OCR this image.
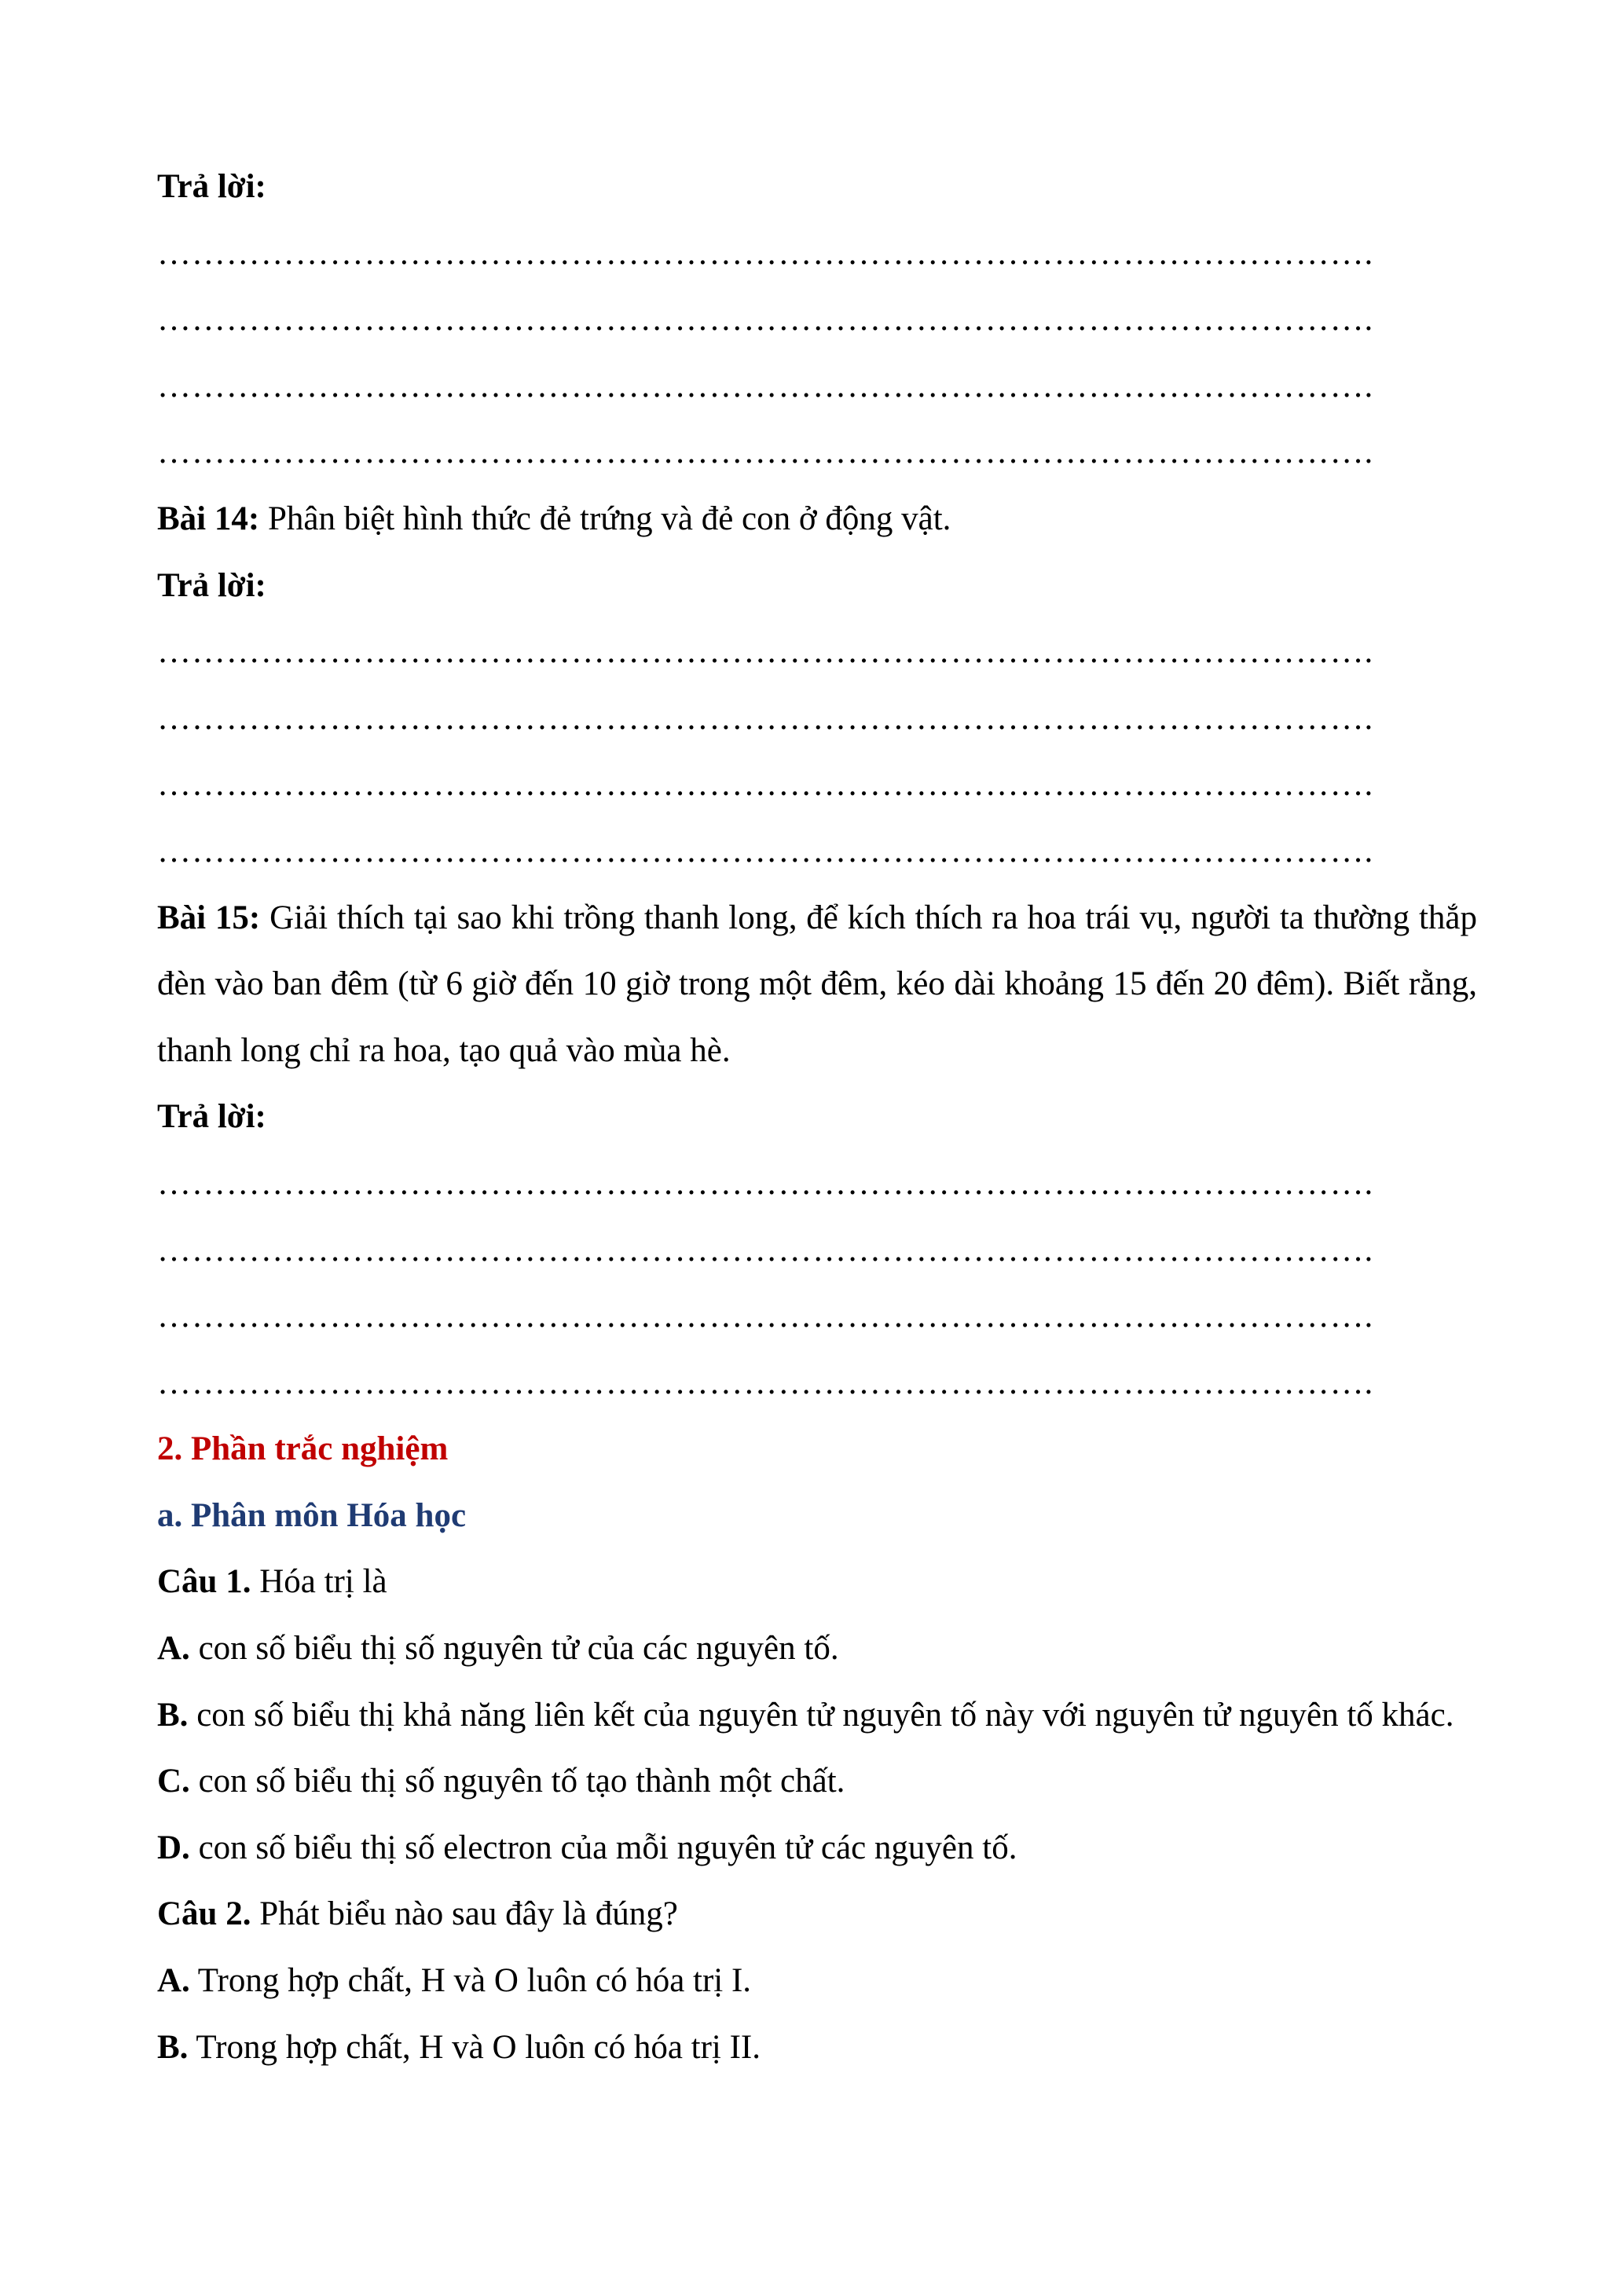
Trả lời:
…………………………………………………………………………………………….
…………………………………………………………………………………………….
…………………………………………………………………………………………….
…………………………………………………………………………………………….
Bài 14: Phân biệt hình thức đẻ trứng và đẻ con ở động vật.
Trả lời:
…………………………………………………………………………………………….
…………………………………………………………………………………………….
…………………………………………………………………………………………….
…………………………………………………………………………………………….
Bài 15: Giải thích tại sao khi trồng thanh long, để kích thích ra hoa trái vụ, người ta thường thắp đèn vào ban đêm (từ 6 giờ đến 10 giờ trong một đêm, kéo dài khoảng 15 đến 20 đêm). Biết rằng, thanh long chỉ ra hoa, tạo quả vào mùa hè.
Trả lời:
…………………………………………………………………………………………….
…………………………………………………………………………………………….
…………………………………………………………………………………………….
…………………………………………………………………………………………….
2. Phần trắc nghiệm
a. Phân môn Hóa học
Câu 1. Hóa trị là
A. con số biểu thị số nguyên tử của các nguyên tố.
B. con số biểu thị khả năng liên kết của nguyên tử nguyên tố này với nguyên tử nguyên tố khác.
C. con số biểu thị số nguyên tố tạo thành một chất.
D. con số biểu thị số electron của mỗi nguyên tử các nguyên tố.
Câu 2. Phát biểu nào sau đây là đúng?
A. Trong hợp chất, H và O luôn có hóa trị I.
B. Trong hợp chất, H và O luôn có hóa trị II.
